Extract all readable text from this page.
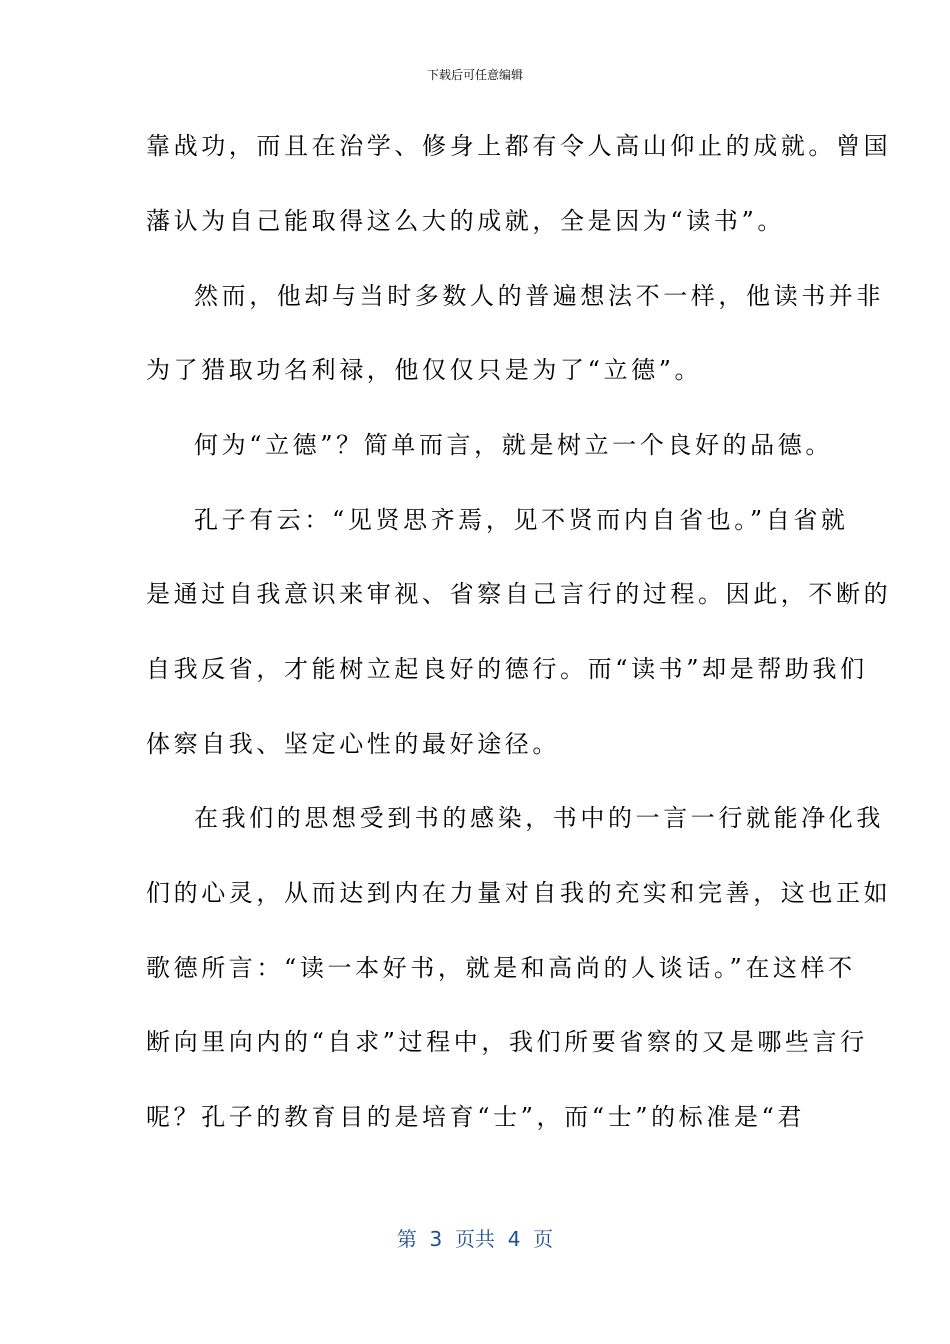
下载后可任意编辑
靠战功，而且在治学、修身上都有令人高山仰止的成就。曾国
藩认为自己能取得这么大的成就，全是因为“读书”。
然而，他却与当时多数人的普遍想法不一样，他读书并非
为了猎取功名利禄，他仅仅只是为了“立德”。
何为“立德”？简单而言，就是树立一个良好的品德。
孔子有云：“见贤思齐焉，见不贤而内自省也。”自省就
是通过自我意识来审视、省察自己言行的过程。因此，不断的
自我反省，才能树立起良好的德行。而“读书”却是帮助我们
体察自我、坚定心性的最好途径。
在我们的思想受到书的感染，书中的一言一行就能净化我
们的心灵，从而达到内在力量对自我的充实和完善，这也正如
歌德所言：“读一本好书，就是和高尚的人谈话。”在这样不
断向里向内的“自求”过程中，我们所要省察的又是哪些言行
呢？孔子的教育目的是培育“士”，而“士”的标准是“君
第  3  页共  4  页
